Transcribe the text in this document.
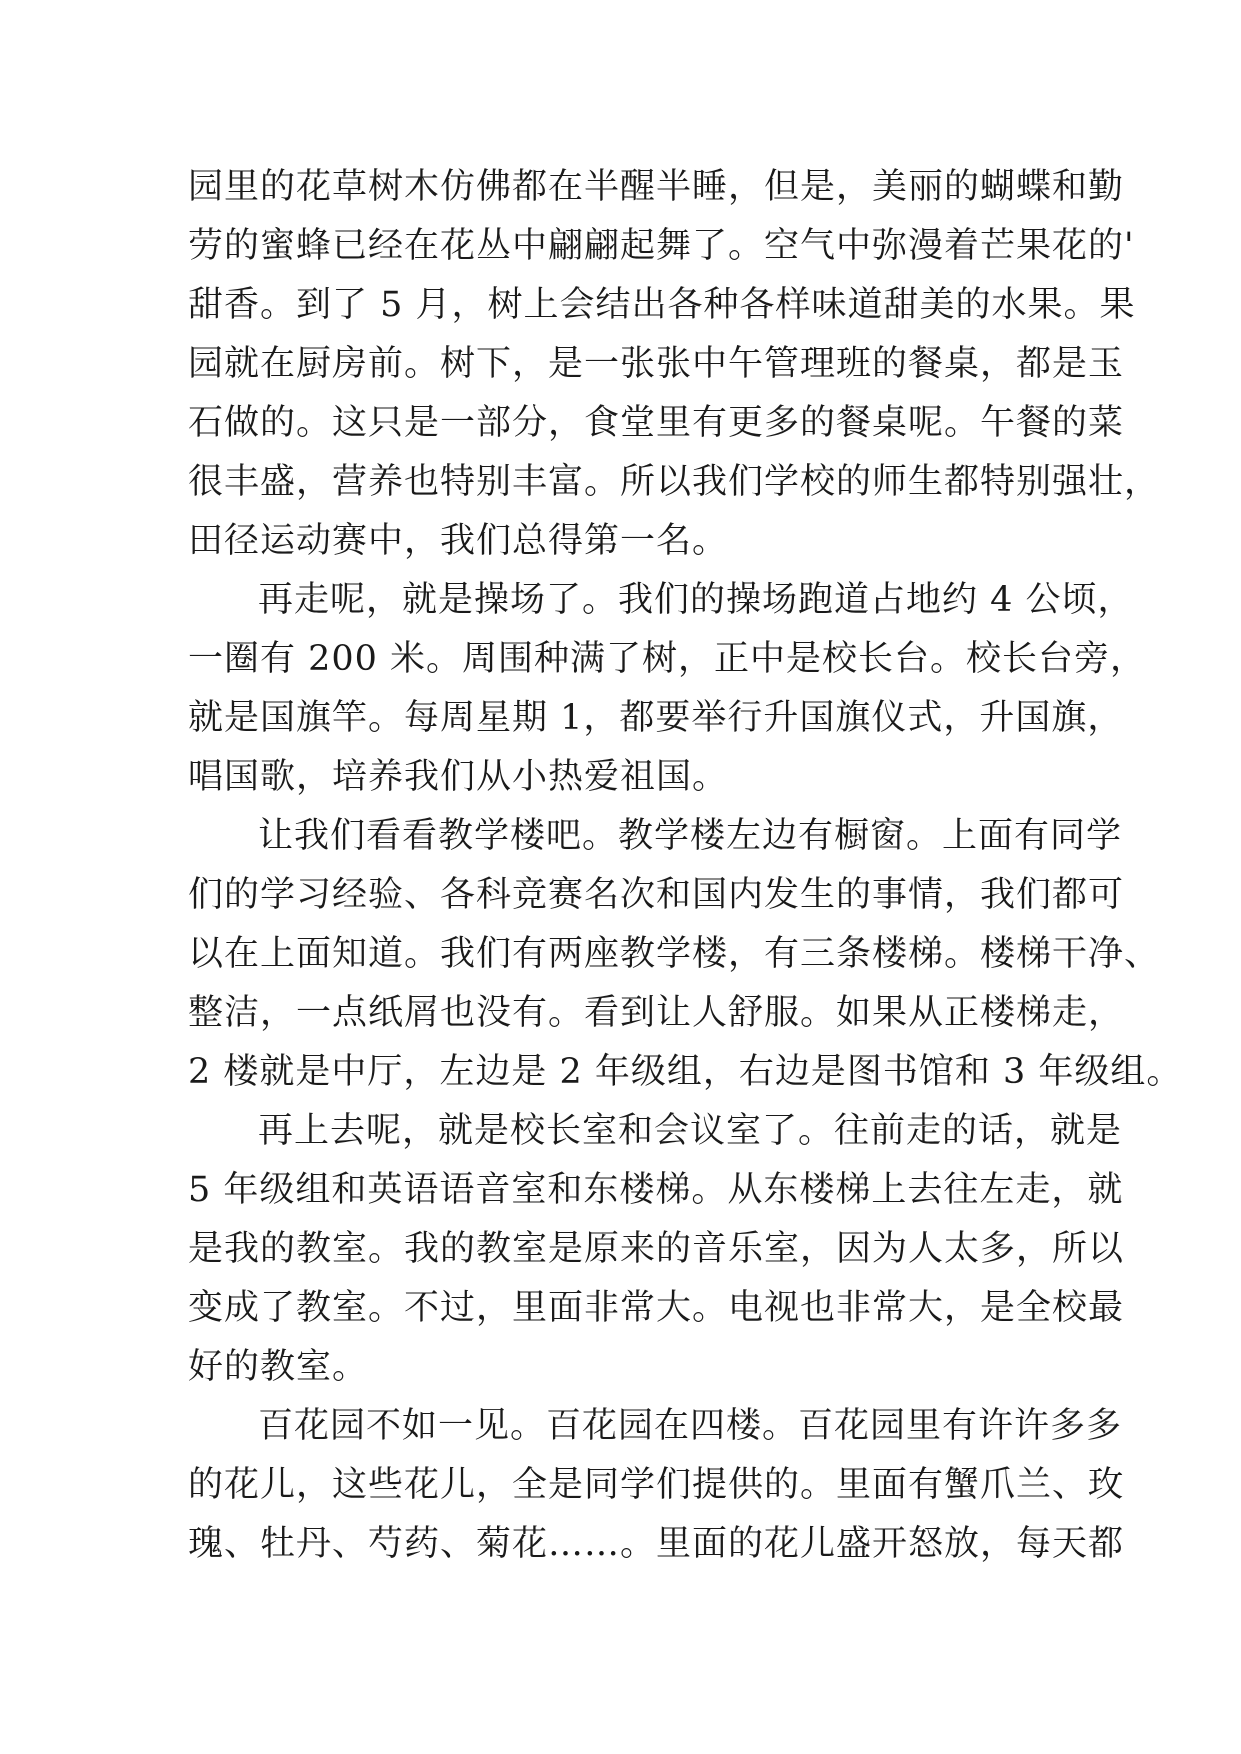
园里的花草树木仿佛都在半醒半睡，但是，美丽的蝴蝶和勤
劳的蜜蜂已经在花丛中翩翩起舞了。空气中弥漫着芒果花的'
甜香。到了 5 月，树上会结出各种各样味道甜美的水果。果
园就在厨房前。树下，是一张张中午管理班的餐桌，都是玉
石做的。这只是一部分，食堂里有更多的餐桌呢。午餐的菜
很丰盛，营养也特别丰富。所以我们学校的师生都特别强壮，
田径运动赛中，我们总得第一名。
再走呢，就是操场了。我们的操场跑道占地约 4 公顷，
一圈有 200 米。周围种满了树，正中是校长台。校长台旁，
就是国旗竿。每周星期 1，都要举行升国旗仪式，升国旗，
唱国歌，培养我们从小热爱祖国。
让我们看看教学楼吧。教学楼左边有橱窗。上面有同学
们的学习经验、各科竞赛名次和国内发生的事情，我们都可
以在上面知道。我们有两座教学楼，有三条楼梯。楼梯干净、
整洁，一点纸屑也没有。看到让人舒服。如果从正楼梯走，
2 楼就是中厅，左边是 2 年级组，右边是图书馆和 3 年级组。
再上去呢，就是校长室和会议室了。往前走的话，就是
5 年级组和英语语音室和东楼梯。从东楼梯上去往左走，就
是我的教室。我的教室是原来的音乐室，因为人太多，所以
变成了教室。不过，里面非常大。电视也非常大，是全校最
好的教室。
百花园不如一见。百花园在四楼。百花园里有许许多多
的花儿，这些花儿，全是同学们提供的。里面有蟹爪兰、玫
瑰、牡丹、芍药、菊花……。里面的花儿盛开怒放，每天都
